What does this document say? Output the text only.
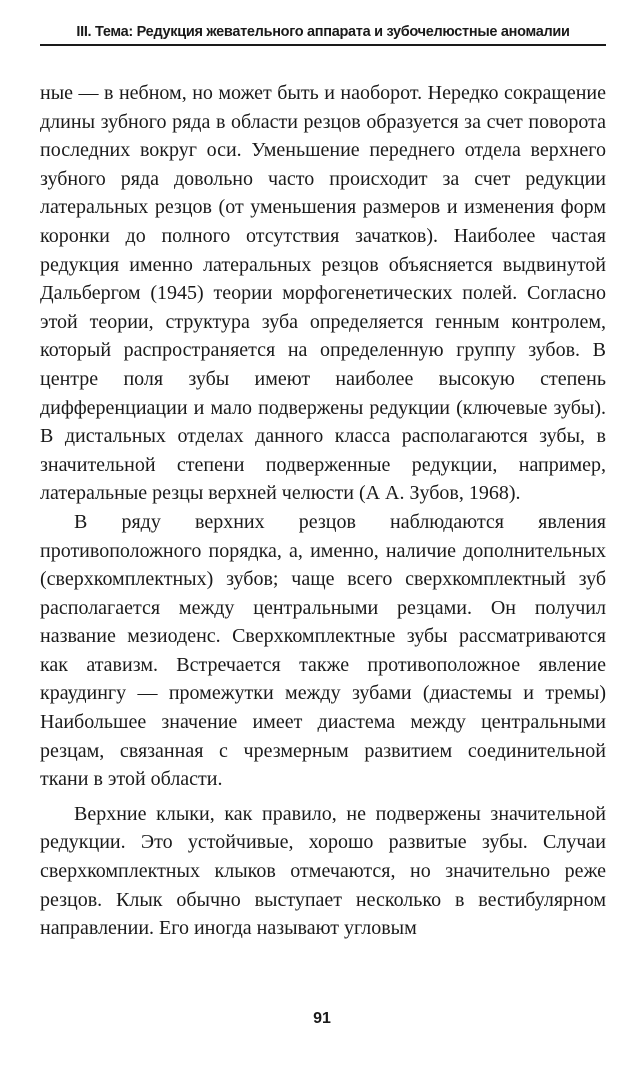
III. Тема: Редукция жевательного аппарата и зубочелюстные аномалии

ные — в небном, но может быть и наоборот. Нередко сокращение длины зубного ряда в области резцов образуется за счет поворота последних вокруг оси. Уменьшение переднего отдела верхнего зубного ряда довольно часто происходит за счет редукции латеральных резцов (от уменьшения размеров и изменения форм коронки до полного отсутствия зачатков). Наиболее частая редукция именно латеральных резцов объясняется выдвинутой Дальбергом (1945) теории морфогенетических полей. Согласно этой теории, структура зуба определяется генным контролем, который распространяется на определенную группу зубов. В центре поля зубы имеют наиболее высокую степень дифференциации и мало подвержены редукции (ключевые зубы). В дистальных отделах данного класса располагаются зубы, в значительной степени подверженные редукции, например, латеральные резцы верхней челюсти (А А. Зубов, 1968).

В ряду верхних резцов наблюдаются явления противоположного порядка, а, именно, наличие дополнительных (сверхкомплектных) зубов; чаще всего сверхкомплектный зуб располагается между центральными резцами. Он получил название мезиоденс. Сверхкомплектные зубы рассматриваются как атавизм. Встречается также противоположное явление краудингу — промежутки между зубами (диастемы и тремы) Наибольшее значение имеет диастема между центральными резцам, связанная с чрезмерным развитием соединительной ткани в этой области.

Верхние клыки, как правило, не подвержены значительной редукции. Это устойчивые, хорошо развитые зубы. Случаи сверхкомплектных клыков отмечаются, но значительно реже резцов. Клык обычно выступает несколько в вестибулярном направлении. Его иногда называют угловым

91
